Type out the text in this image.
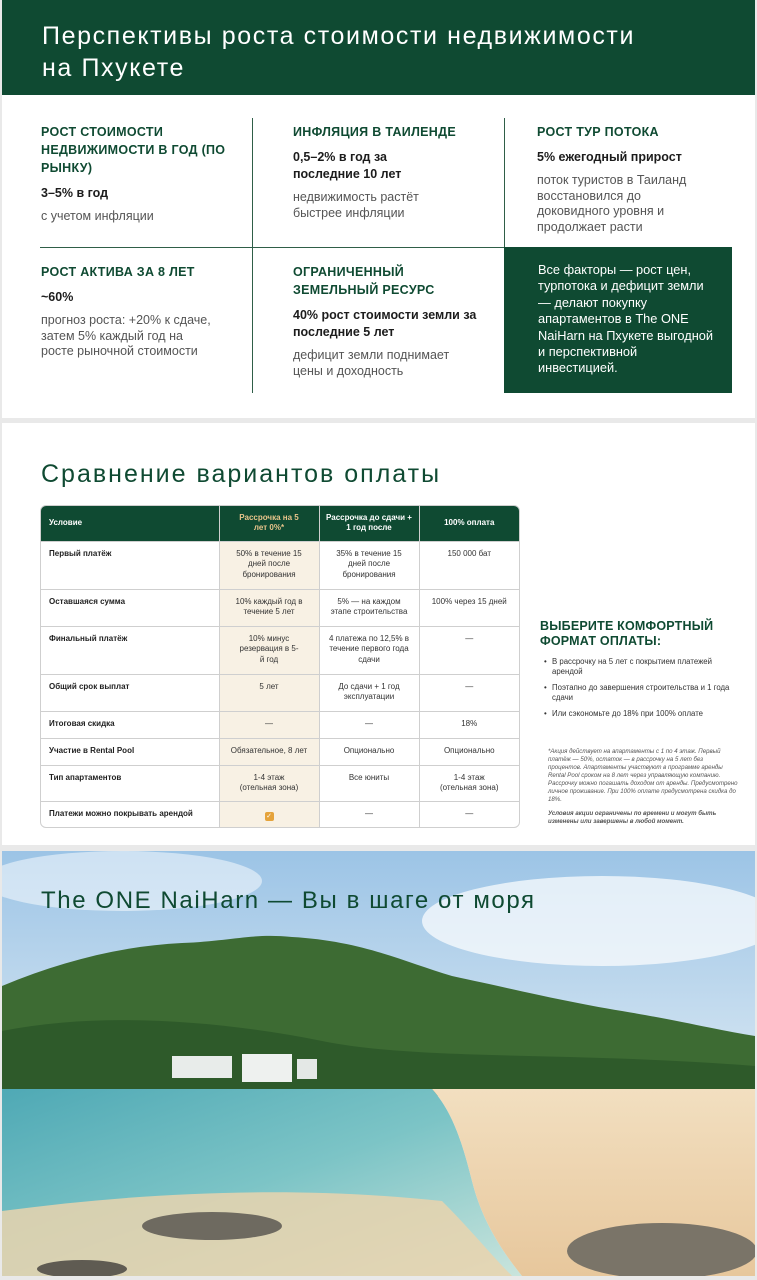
Перспективы роста стоимости недвижимости на Пхукете
РОСТ СТОИМОСТИ НЕДВИЖИМОСТИ В ГОД (ПО РЫНКУ)
3–5% в год
с учетом инфляции
ИНФЛЯЦИЯ В ТАИЛЕНДЕ
0,5–2% в год за последние 10 лет
недвижимость растёт быстрее инфляции
РОСТ ТУР ПОТОКА
5% ежегодный прирост
поток туристов в Таиланд восстановился до доковидного уровня и продолжает расти
РОСТ АКТИВА ЗА 8 ЛЕТ
~60%
прогноз роста: +20% к сдаче, затем 5% каждый год на росте рыночной стоимости
ОГРАНИЧЕННЫЙ ЗЕМЕЛЬНЫЙ РЕСУРС
40% рост стоимости земли за последние 5 лет
дефицит земли поднимает цены и доходность
Все факторы — рост цен, турпотока и дефицит земли — делают покупку апартаментов в The ONE NaiHarn на Пхукете выгодной и перспективной инвестицией.
Сравнение вариантов оплаты
Условие	Рассрочка на 5 лет 0%*	Рассрочка до сдачи + 1 год после	100% оплата

Первый платёж	50% в течение 15 дней после бронирования	35% в течение 15 дней после бронирования	150 000 бат

Оставшаяся сумма	10% каждый год в течение 5 лет	5% — на каждом этапе строительства	100% через 15 дней

Финальный платёж	10% минус резервация в 5-й год	4 платежа по 12,5% в течение первого года сдачи	—

Общий срок выплат	5 лет	До сдачи + 1 год эксплуатации	—

Итоговая скидка	—	—	18%

Участие в Rental Pool	Обязательное, 8 лет	Опционально	Опционально

Тип апартаментов	1-4 этаж (отельная зона)	Все юниты	1-4 этаж (отельная зона)

Платежи можно покрывать арендой	✓	—	—
ВЫБЕРИТЕ КОМФОРТНЫЙ ФОРМАТ ОПЛАТЫ:
• В рассрочку на 5 лет с покрытием платежей арендой
• Поэтапно до завершения строительства и 1 года сдачи
• Или сэкономьте до 18% при 100% оплате
*Акция действует на апартаменты с 1 по 4 этаж. Первый платёж — 50%, остаток — в рассрочку на 5 лет без процентов. Апартаменты участвуют в программе аренды Rental Pool сроком на 8 лет через управляющую компанию. Рассрочку можно погашать доходом от аренды. Предусмотрено личное проживание. При 100% оплате предусмотрена скидка до 18%.
Условия акции ограничены по времени и могут быть изменены или завершены в любой момент.
The ONE NaiHarn — Вы в шаге от моря
